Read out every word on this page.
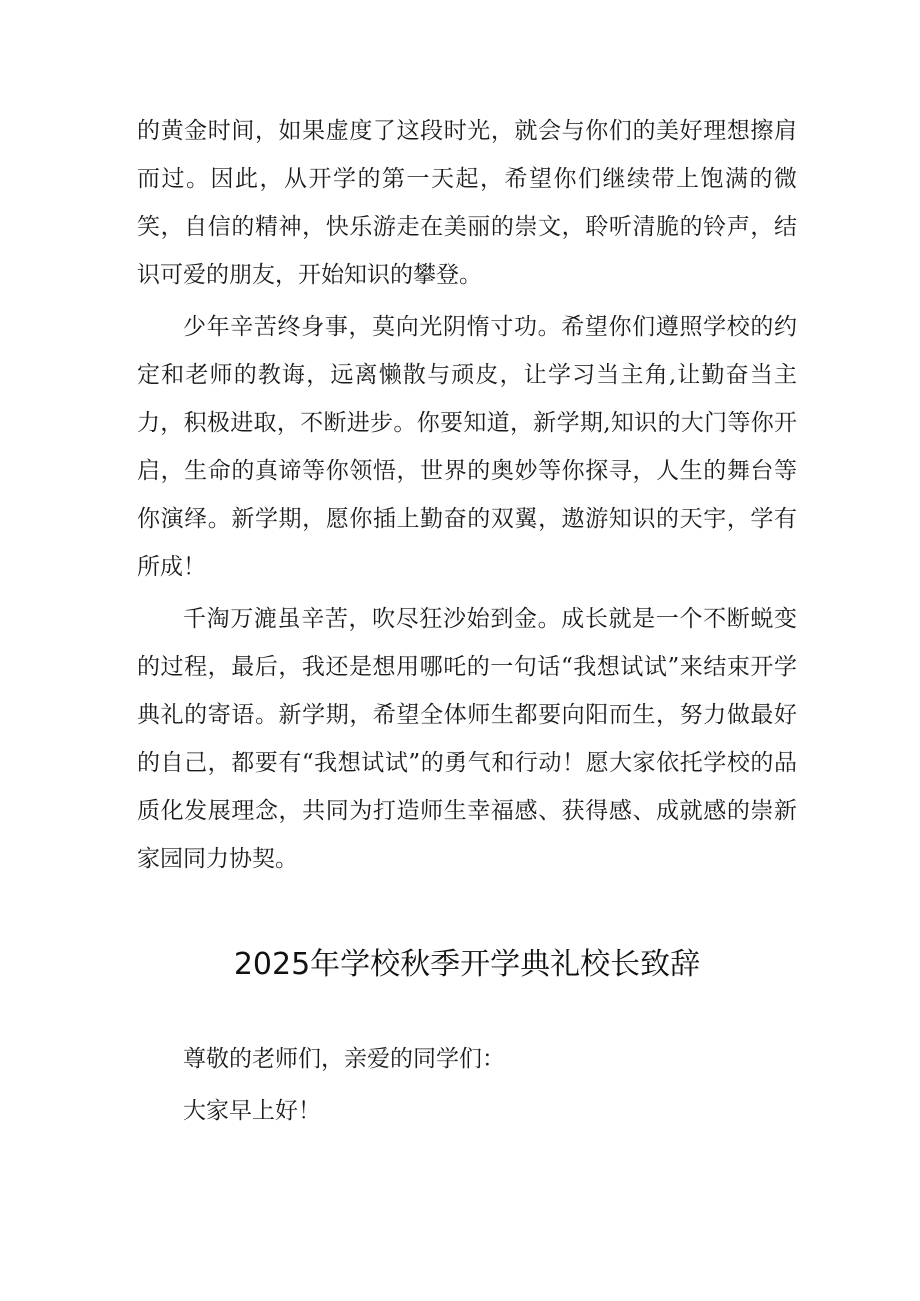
的黄金时间，如果虚度了这段时光，就会与你们的美好理想擦肩而过。因此，从开学的第一天起，希望你们继续带上饱满的微笑，自信的精神，快乐游走在美丽的崇文，聆听清脆的铃声，结识可爱的朋友，开始知识的攀登。

少年辛苦终身事，莫向光阴惰寸功。希望你们遵照学校的约定和老师的教诲，远离懒散与顽皮，让学习当主角,让勤奋当主力，积极进取，不断进步。你要知道，新学期,知识的大门等你开启，生命的真谛等你领悟，世界的奥妙等你探寻，人生的舞台等你演绎。新学期，愿你插上勤奋的双翼，遨游知识的天宇，学有所成！

千淘万漉虽辛苦，吹尽狂沙始到金。成长就是一个不断蜕变的过程，最后，我还是想用哪吒的一句话“我想试试”来结束开学典礼的寄语。新学期，希望全体师生都要向阳而生，努力做最好的自己，都要有“我想试试”的勇气和行动！愿大家依托学校的品质化发展理念，共同为打造师生幸福感、获得感、成就感的崇新家园同力协契。

2025年学校秋季开学典礼校长致辞

尊敬的老师们，亲爱的同学们：

大家早上好！
